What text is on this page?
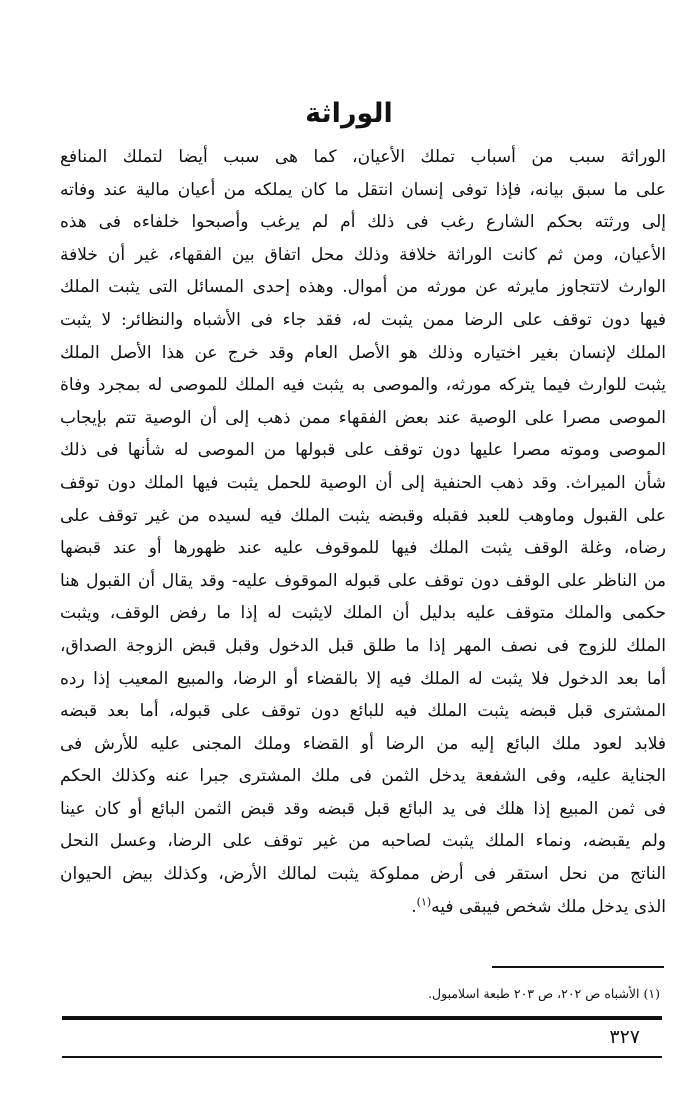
الوراثة
الوراثة سبب من أسباب تملك الأعيان، كما هى سبب أيضا لتملك المنافع
على ما سبق بيانه، فإذا توفى إنسان انتقل ما كان يملكه من أعيان مالية عند وفاته
إلى ورثته بحكم الشارع رغب فى ذلك أم لم يرغب وأصبحوا خلفاءه فى هذه
الأعيان، ومن ثم كانت الوراثة خلافة وذلك محل اتفاق بين الفقهاء، غير أن خلافة
الوارث لاتتجاوز مايرثه عن مورثه من أموال. وهذه إحدى المسائل التى يثبت الملك
فيها دون توقف على الرضا ممن يثبت له، فقد جاء فى الأشباه والنظائر: لا يثبت
الملك لإنسان بغير اختياره وذلك هو الأصل العام وقد خرج عن هذا الأصل الملك
يثبت للوارث فيما يتركه مورثه، والموصى به يثبت فيه الملك للموصى له بمجرد وفاة
الموصى مصرا على الوصية عند بعض الفقهاء ممن ذهب إلى أن الوصية تتم بإيجاب
الموصى وموته مصرا عليها دون توقف على قبولها من الموصى له شأنها فى ذلك
شأن الميراث. وقد ذهب الحنفية إلى أن الوصية للحمل يثبت فيها الملك دون توقف
على القبول وماوهب للعبد فقبله وقبضه يثبت الملك فيه لسيده من غير توقف على
رضاه، وغلة الوقف يثبت الملك فيها للموقوف عليه عند ظهورها أو عند قبضها
من الناظر على الوقف دون توقف على قبوله الموقوف عليه- وقد يقال أن القبول هنا
حكمى والملك متوقف عليه بدليل أن الملك لايثبت له إذا ما رفض الوقف، ويثبت
الملك للزوج فى نصف المهر إذا ما طلق قبل الدخول وقبل قبض الزوجة الصداق،
أما بعد الدخول فلا يثبت له الملك فيه إلا بالقضاء أو الرضا، والمبيع المعيب إذا رده
المشترى قبل قبضه يثبت الملك فيه للبائع دون توقف على قبوله، أما بعد قبضه
فلابد لعود ملك البائع إليه من الرضا أو القضاء وملك المجنى عليه للأرش فى
الجناية عليه، وفى الشفعة يدخل الثمن فى ملك المشترى جبرا عنه وكذلك الحكم
فى ثمن المبيع إذا هلك فى يد البائع قبل قبضه وقد قبض الثمن البائع أو كان عينا
ولم يقبضه، ونماء الملك يثبت لصاحبه من غير توقف على الرضا، وعسل النحل
الناتج من نحل استقر فى أرض مملوكة يثبت لمالك الأرض، وكذلك بيض الحيوان
الذى يدخل ملك شخص فيبقى فيه$^{(١)}$.
(١) الأشباه ص ٢٠٢، ص ٢٠٣ طبعة اسلامبول.
٣٢٧
